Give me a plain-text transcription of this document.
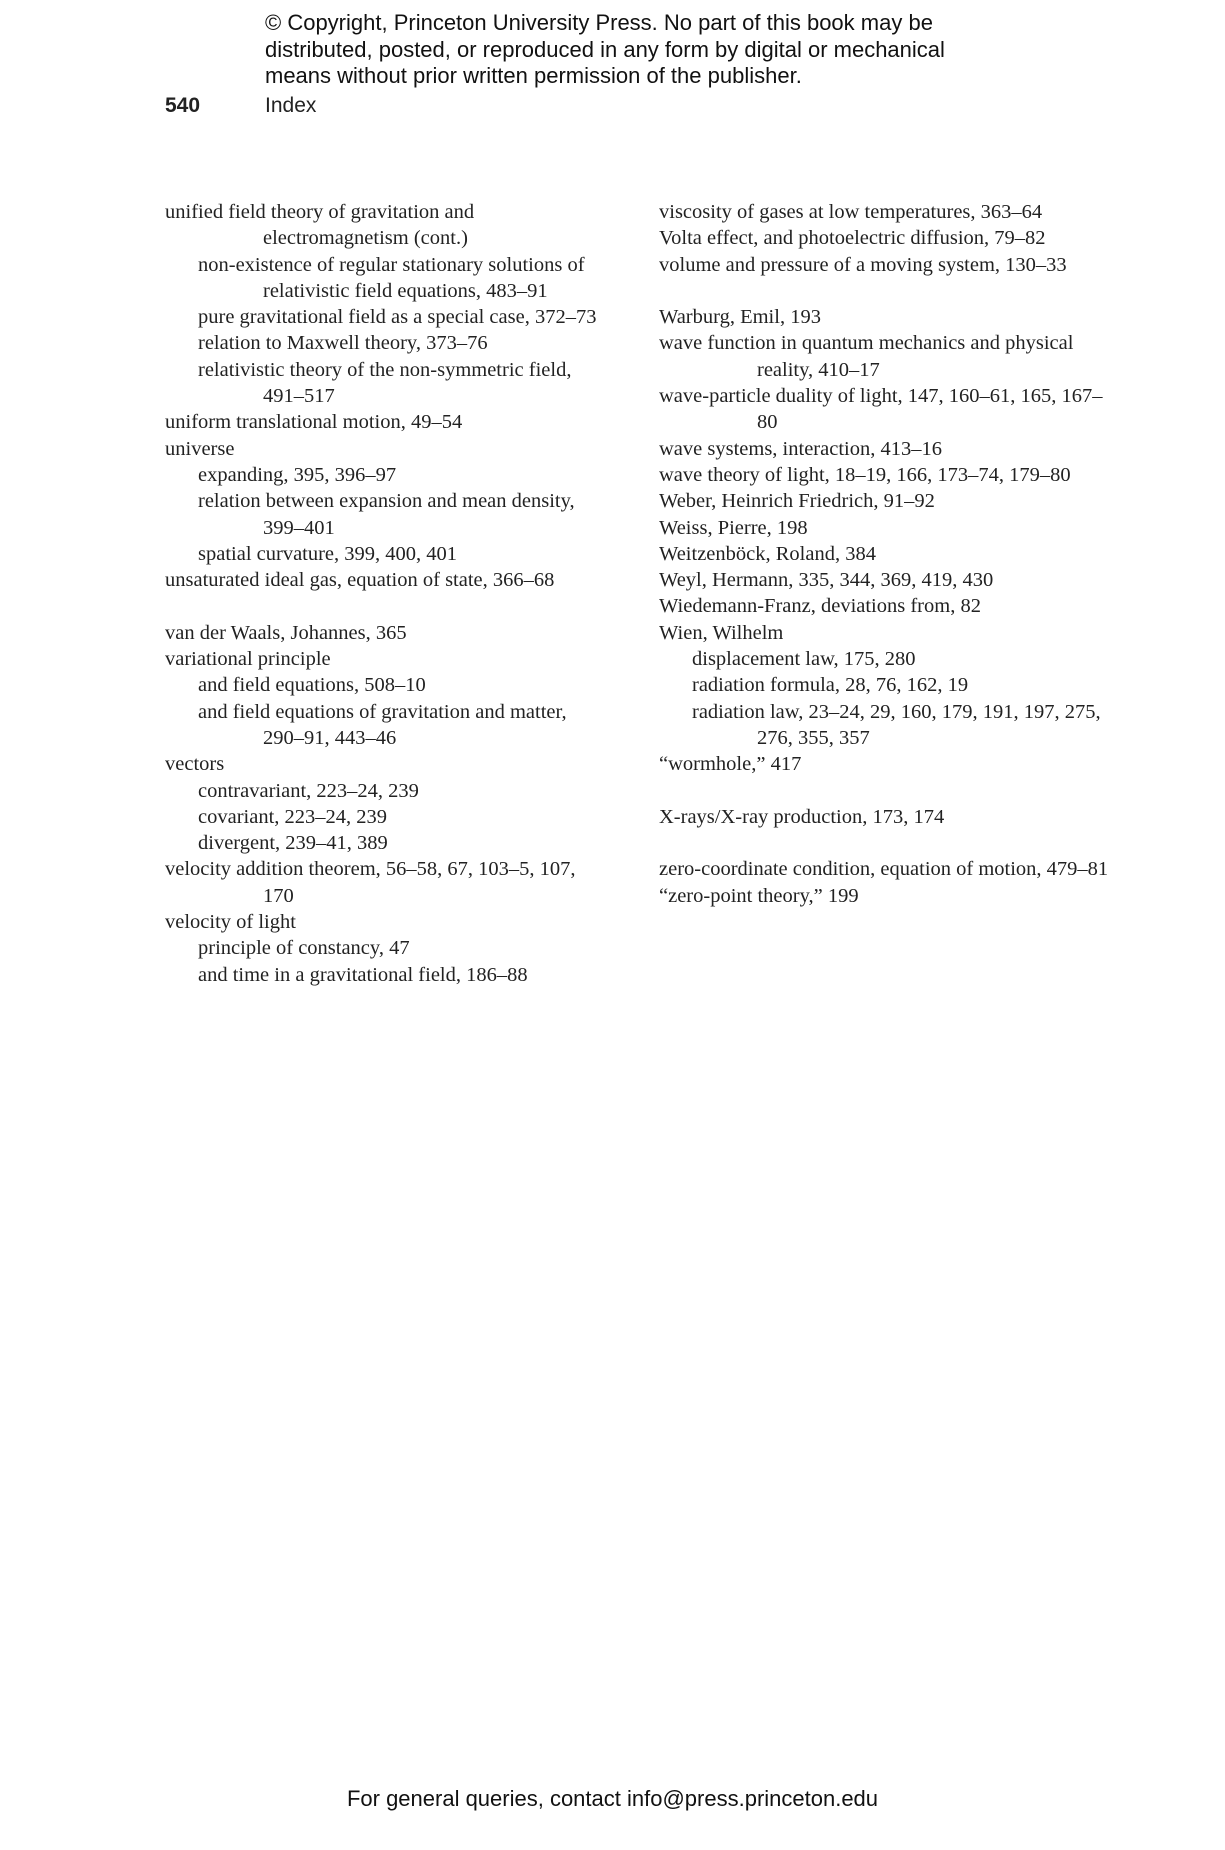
© Copyright, Princeton University Press. No part of this book may be
distributed, posted, or reproduced in any form by digital or mechanical
means without prior written permission of the publisher.
540	Index

unified field theory of gravitation and electromagnetism (cont.)

non-existence of regular stationary solutions of relativistic field equations, 483–91

pure gravitational field as a special case, 372–73

relation to Maxwell theory, 373–76

relativistic theory of the non-symmetric field, 491–517

uniform translational motion, 49–54

universe

expanding, 395, 396–97

relation between expansion and mean density, 399–401

spatial curvature, 399, 400, 401

unsaturated ideal gas, equation of state, 366–68

van der Waals, Johannes, 365

variational principle

and field equations, 508–10

and field equations of gravitation and matter, 290–91, 443–46

vectors

contravariant, 223–24, 239

covariant, 223–24, 239

divergent, 239–41, 389

velocity addition theorem, 56–58, 67, 103–5, 107, 170

velocity of light

principle of constancy, 47

and time in a gravitational field, 186–88

viscosity of gases at low temperatures, 363–64

Volta effect, and photoelectric diffusion, 79–82

volume and pressure of a moving system, 130–33

Warburg, Emil, 193

wave function in quantum mechanics and physical reality, 410–17

wave-particle duality of light, 147, 160–61, 165, 167–80

wave systems, interaction, 413–16

wave theory of light, 18–19, 166, 173–74, 179–80

Weber, Heinrich Friedrich, 91–92

Weiss, Pierre, 198

Weitzenböck, Roland, 384

Weyl, Hermann, 335, 344, 369, 419, 430

Wiedemann-Franz, deviations from, 82

Wien, Wilhelm

displacement law, 175, 280

radiation formula, 28, 76, 162, 19

radiation law, 23–24, 29, 160, 179, 191, 197, 275, 276, 355, 357

“wormhole,” 417

X-rays/X-ray production, 173, 174

zero-coordinate condition, equation of motion, 479–81

“zero-point theory,” 199

For general queries, contact info@press.princeton.edu
